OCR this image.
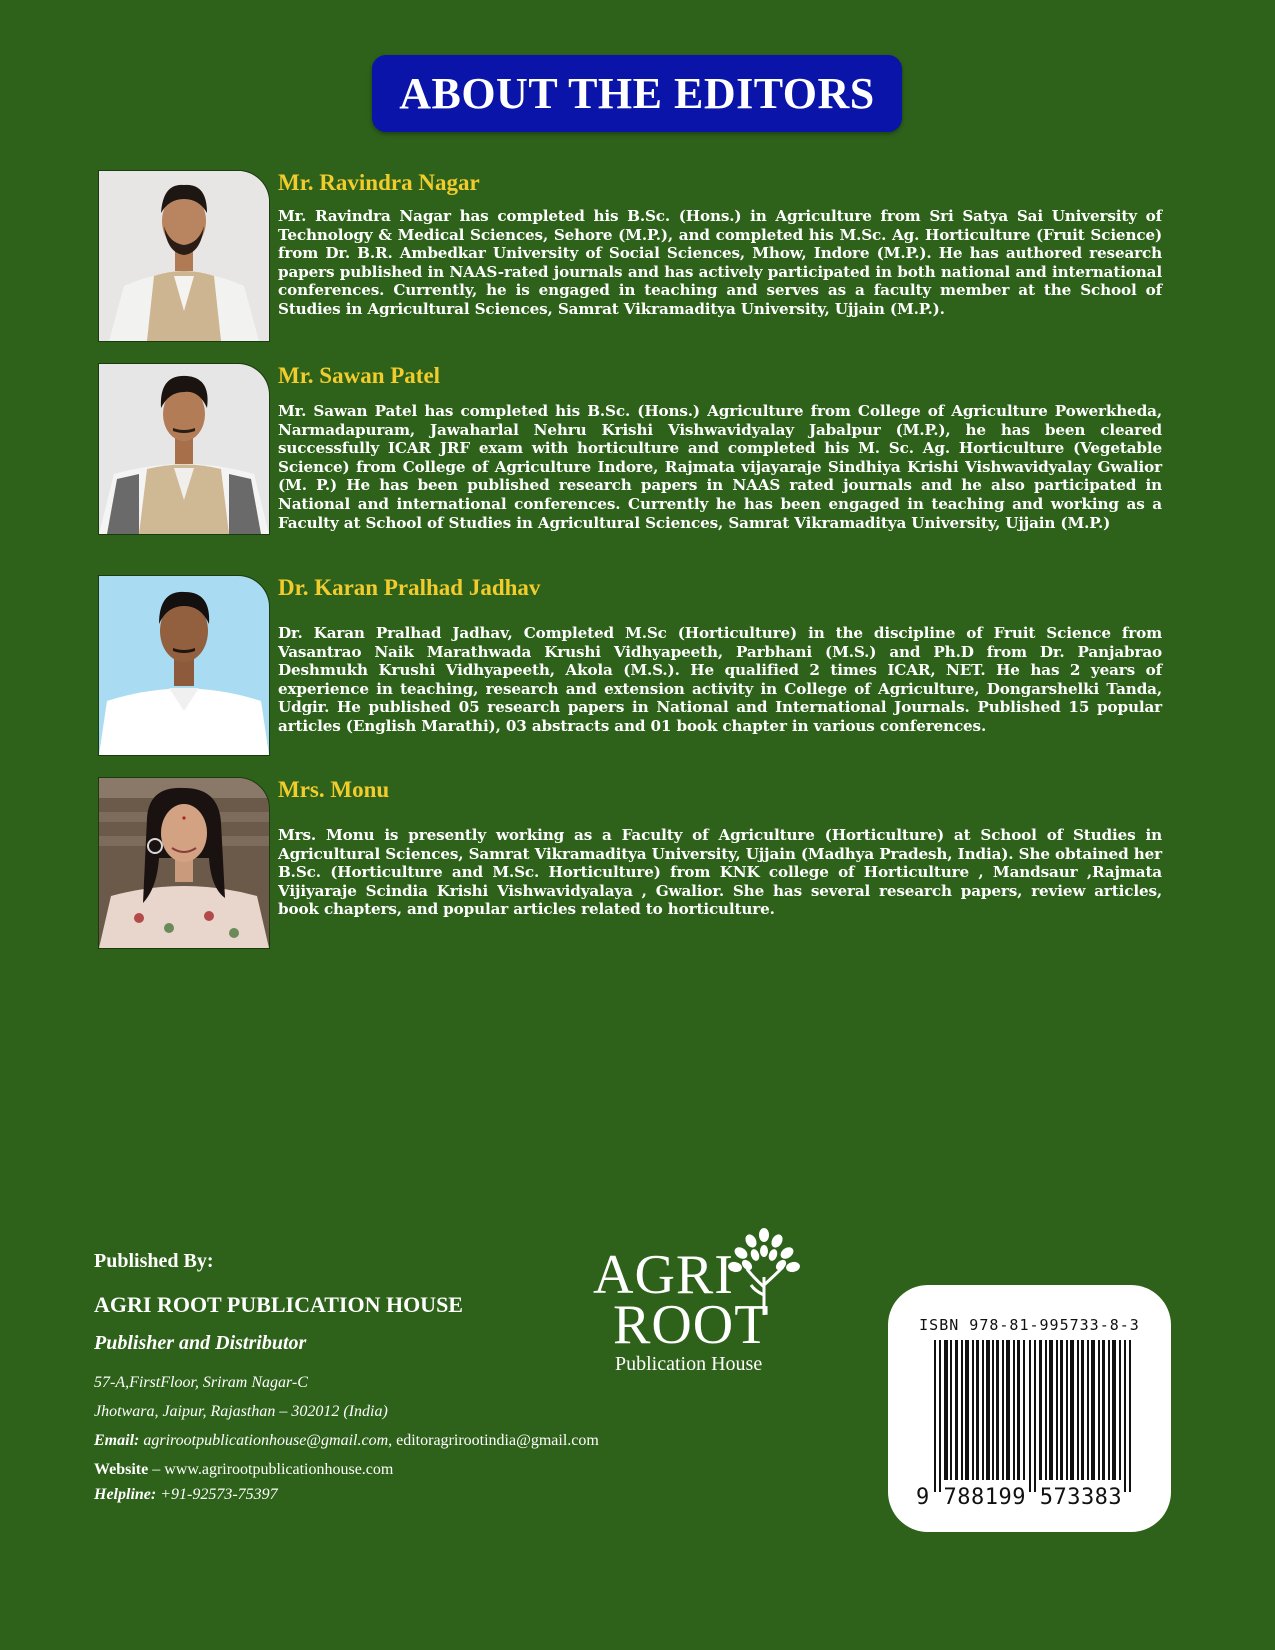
ABOUT THE EDITORS
Mr. Ravindra Nagar

Mr. Ravindra Nagar has completed his B.Sc. (Hons.) in Agriculture from Sri Satya Sai University of Technology & Medical Sciences, Sehore (M.P.), and completed his M.Sc. Ag. Horticulture (Fruit Science) from Dr. B.R. Ambedkar University of Social Sciences, Mhow, Indore (M.P.). He has authored research papers published in NAAS-rated journals and has actively participated in both national and international conferences. Currently, he is engaged in teaching and serves as a faculty member at the School of Studies in Agricultural Sciences, Samrat Vikramaditya University, Ujjain (M.P.).

Mr. Sawan Patel

Mr. Sawan Patel has completed his B.Sc. (Hons.) Agriculture from College of Agriculture Powerkheda, Narmadapuram, Jawaharlal Nehru Krishi Vishwavidyalay Jabalpur (M.P.), he has been cleared successfully ICAR JRF exam with horticulture and completed his M. Sc. Ag. Horticulture (Vegetable Science) from College of Agriculture Indore, Rajmata vijayaraje Sindhiya Krishi Vishwavidyalay Gwalior (M. P.) He has been published research papers in NAAS rated journals and he also participated in National and international conferences. Currently he has been engaged in teaching and working as a Faculty at School of Studies in Agricultural Sciences, Samrat Vikramaditya University, Ujjain (M.P.)

Dr. Karan Pralhad Jadhav

Dr. Karan Pralhad Jadhav, Completed M.Sc (Horticulture) in the discipline of Fruit Science from Vasantrao Naik Marathwada Krushi Vidhyapeeth, Parbhani (M.S.) and Ph.D from Dr. Panjabrao Deshmukh Krushi Vidhyapeeth, Akola (M.S.). He qualified 2 times ICAR, NET. He has 2 years of experience in teaching, research and extension activity in College of Agriculture, Dongarshelki Tanda, Udgir. He published 05 research papers in National and International Journals. Published 15 popular articles (English Marathi), 03 abstracts and 01 book chapter in various conferences.

Mrs. Monu

Mrs. Monu is presently working as a Faculty of Agriculture (Horticulture) at School of Studies in Agricultural Sciences, Samrat Vikramaditya University, Ujjain (Madhya Pradesh, India). She obtained her B.Sc. (Horticulture and M.Sc. Horticulture) from KNK college of Horticulture , Mandsaur ,Rajmata Vijiyaraje Scindia Krishi Vishwavidyalaya , Gwalior. She has several research papers, review articles, book chapters, and popular articles related to horticulture.

Published By:
AGRI ROOT PUBLICATION HOUSE
Publisher and Distributor
57-A,FirstFloor, Sriram Nagar-C
Jhotwara, Jaipur, Rajasthan – 302012 (India)
Email: agrirootpublicationhouse@gmail.com, editoragrirootindia@gmail.com
Website – www.agrirootpublicationhouse.com
Helpline: +91-92573-75397
AGRI
ROOT
Publication House
ISBN 978-81-995733-8-3
9 788199 573383
